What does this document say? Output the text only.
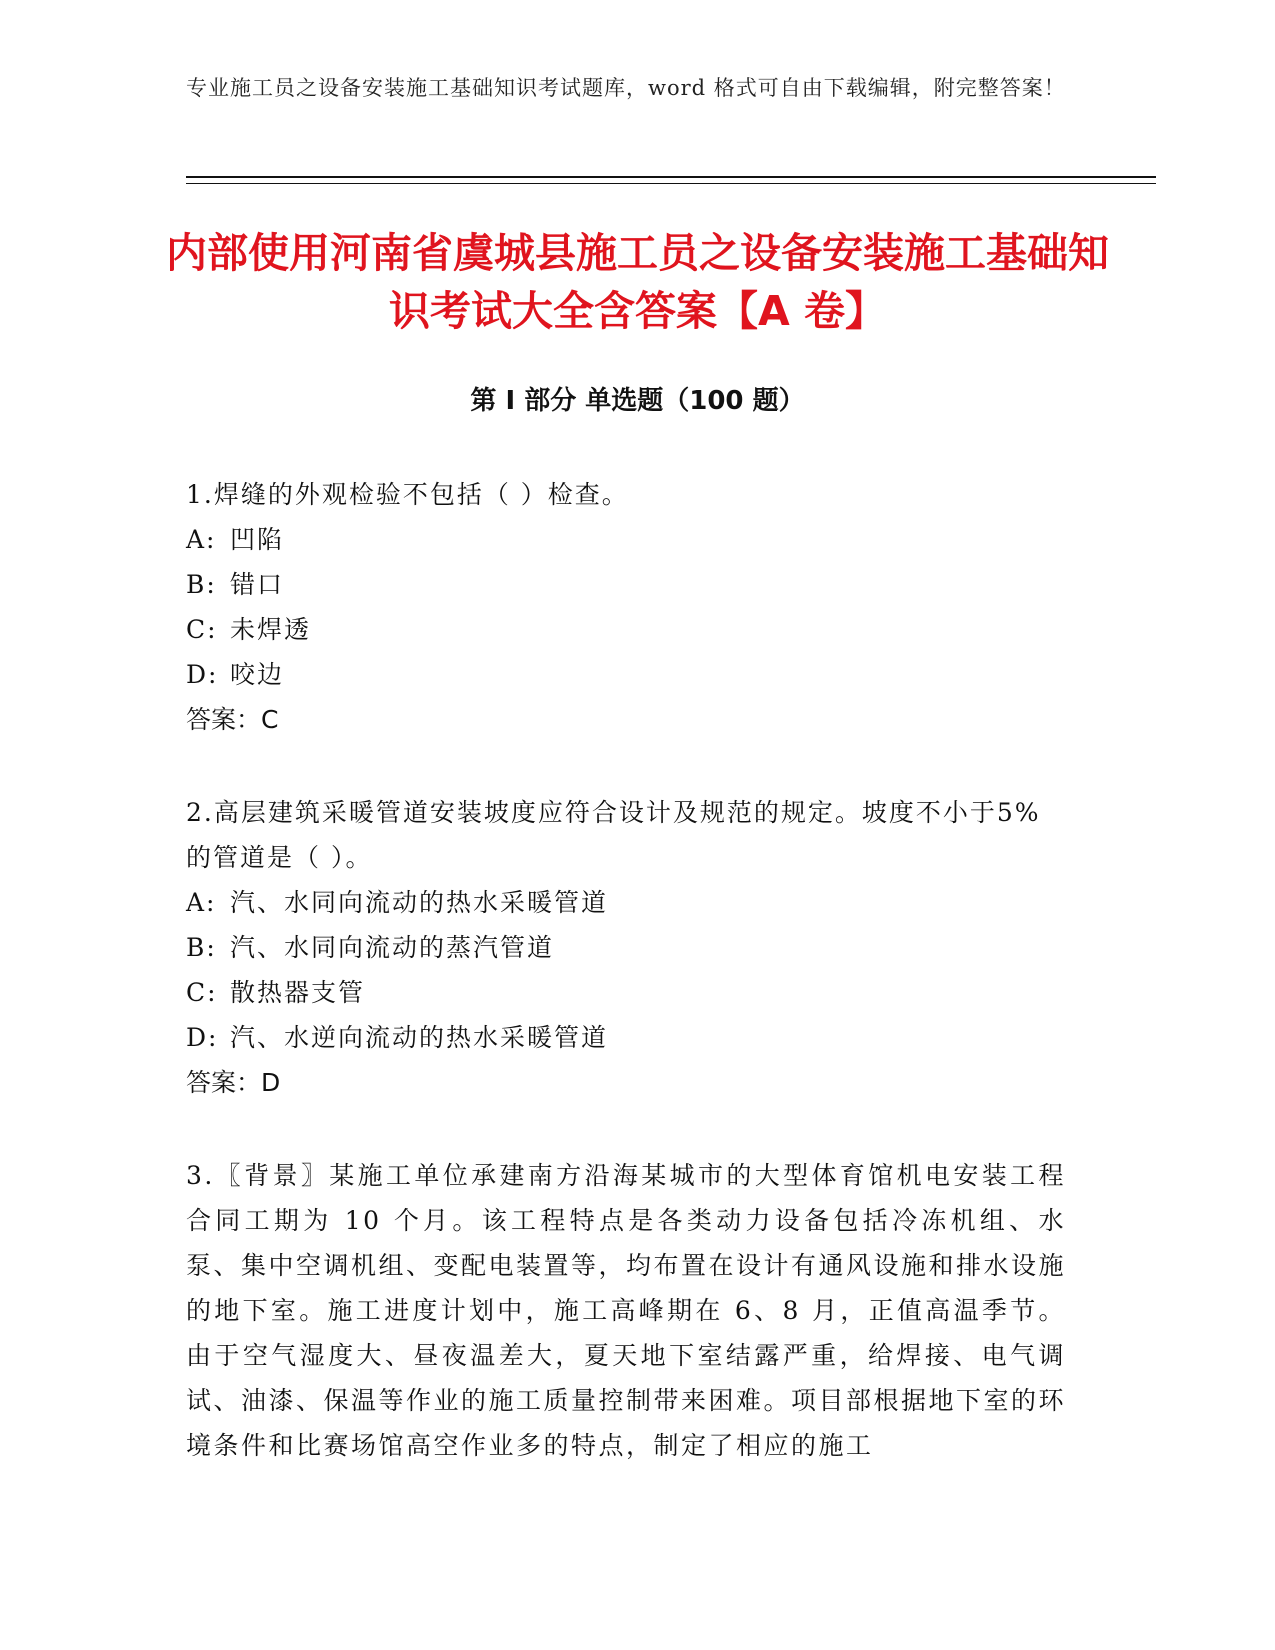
专业施工员之设备安装施工基础知识考试题库，word 格式可自由下载编辑，附完整答案！
内部使用河南省虞城县施工员之设备安装施工基础知识考试大全含答案【A 卷】
第 I 部分 单选题（100 题）

1.焊缝的外观检验不包括（ ）检查。

A: 凹陷

B: 错口

C: 未焊透

D: 咬边

答案：C

2.高层建筑采暖管道安装坡度应符合设计及规范的规定。坡度不小于5%的管道是（ ）。

A: 汽、水同向流动的热水采暖管道

B: 汽、水同向流动的蒸汽管道

C: 散热器支管

D: 汽、水逆向流动的热水采暖管道

答案：D

3.〖背景〗某施工单位承建南方沿海某城市的大型体育馆机电安装工程合同工期为 10 个月。该工程特点是各类动力设备包括冷冻机组、水泵、集中空调机组、变配电装置等，均布置在设计有通风设施和排水设施的地下室。施工进度计划中，施工高峰期在 6、8 月，正值高温季节。由于空气湿度大、昼夜温差大，夏天地下室结露严重，给焊接、电气调试、油漆、保温等作业的施工质量控制带来困难。项目部根据地下室的环境条件和比赛场馆高空作业多的特点，制定了相应的施工
